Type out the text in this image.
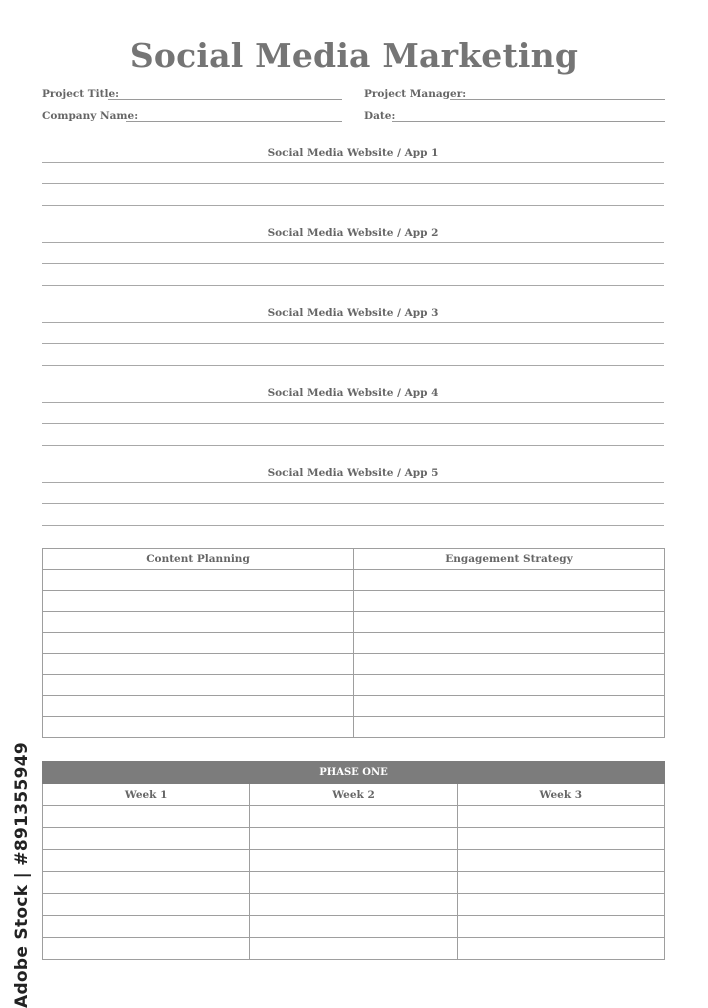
Social Media Marketing
Project Title:	Project Manager:
Company Name:	Date:
Social Media Website / App 1
Social Media Website / App 2
Social Media Website / App 3
Social Media Website / App 4
Social Media Website / App 5
Content Planning	Engagement Strategy

PHASE ONE		
Week 1	Week 2	Week 3

Adobe Stock | #891355949
